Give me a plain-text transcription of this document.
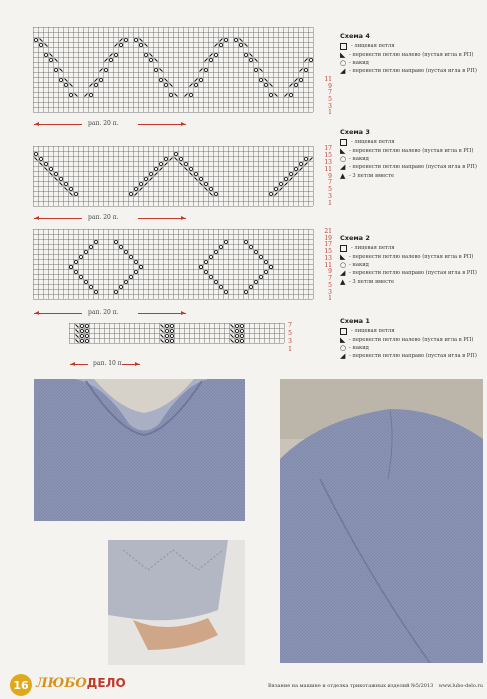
11
9
7
5
3
1
рап. 20 п.
17
15
13
11
9
7
5
3
1
рап. 20 п.
21
19
17
15
13
11
9
7
5
3
1
рап. 20 п.
7
5
3
1
рап. 10 п.
Схема 4
- лицевая петля
◣ - перенести петлю налево (пустая игла в РП)
○ - накид
◢ - перенести петлю направо (пустая игла в РП)
Схема 3
- лицевая петля
◣ - перенести петлю налево (пустая игла в РП)
○ - накид
◢ - перенести петлю направо (пустая игла в РП)
▲ - 3 петли вместе
Схема 2
- лицевая петля
◣ - перенести петлю налево (пустая игла в РП)
○ - накид
◢ - перенести петлю направо (пустая игла в РП)
▲ - 3 петли вместе
Схема 1
- лицевая петля
◣ - перенести петлю налево (пустая игла в РП)
○ - накид
◢ - перенести петлю направо (пустая игла в РП)
16 ЛЮБОДЕЛО	Вязание на машине и отделка трикотажных изделий №5/2013 www.lubo-delo.ru
